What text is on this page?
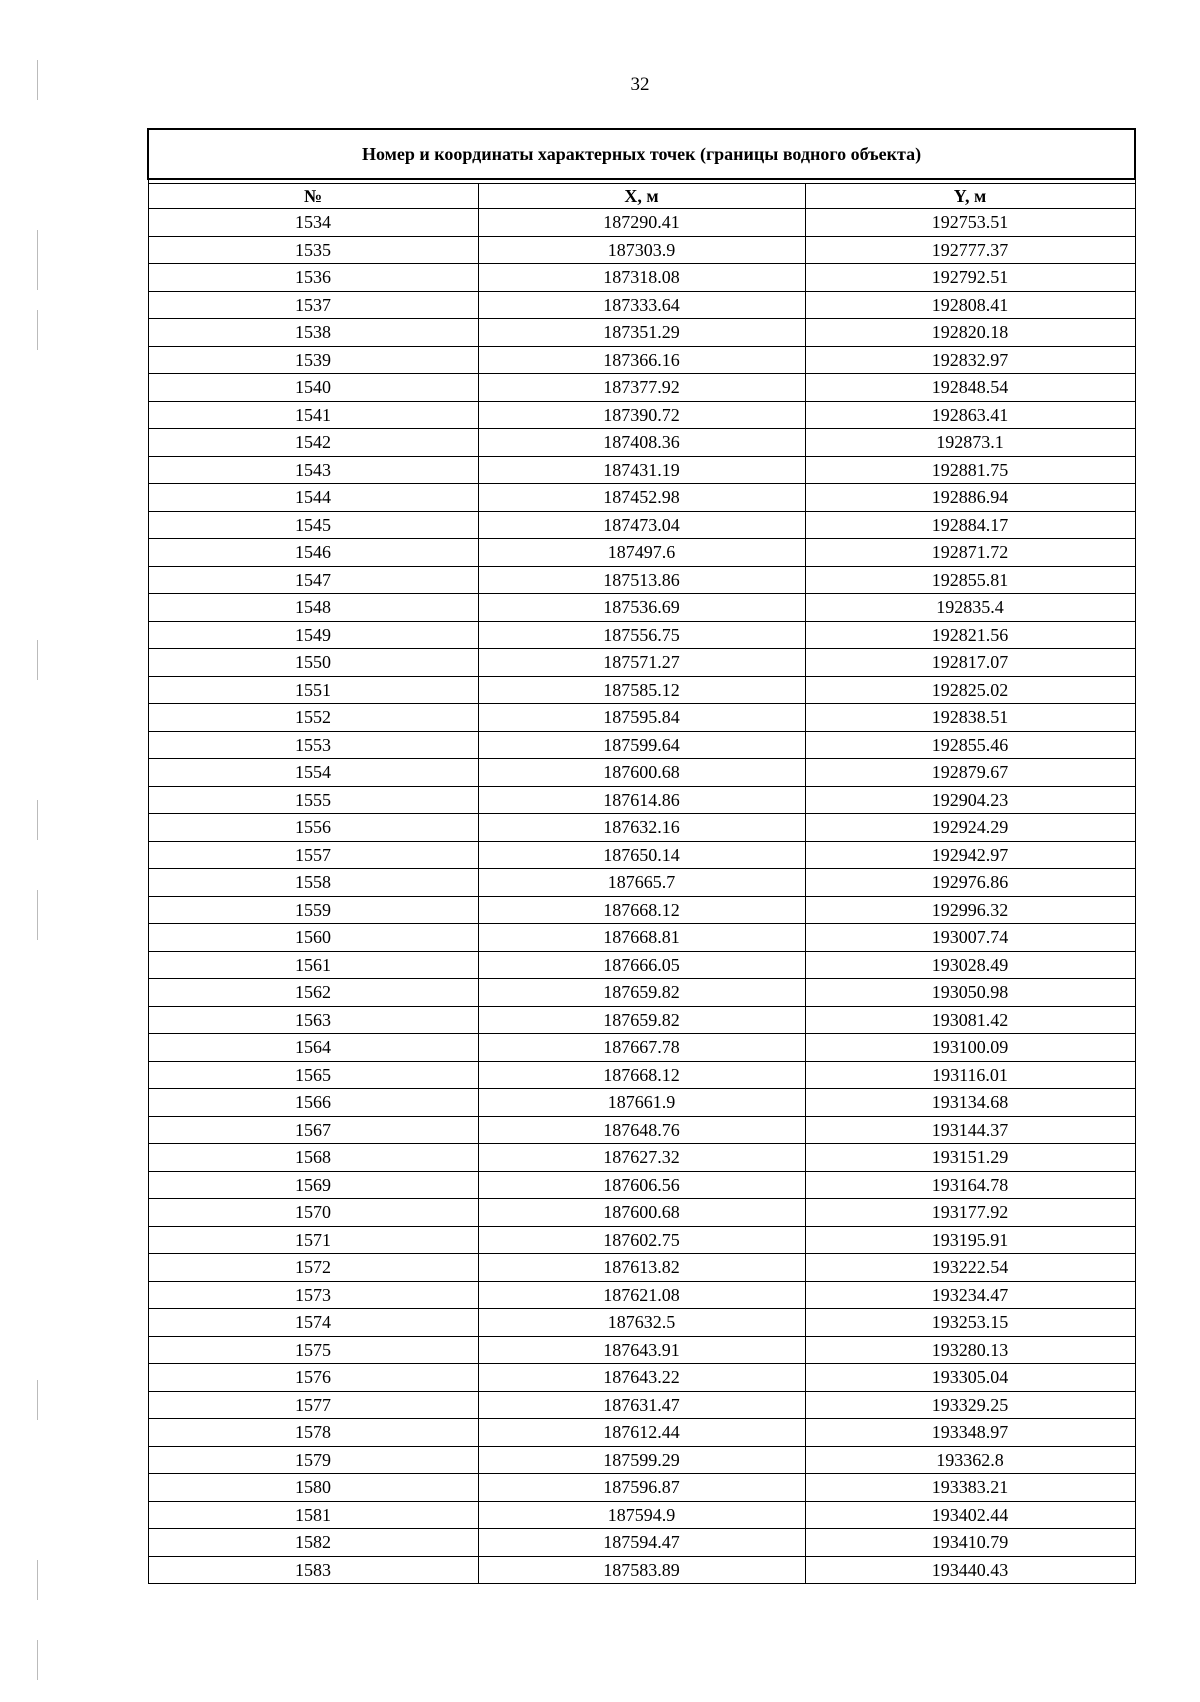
32
Номер и координаты характерных точек (границы водного объекта)		

№	X, м	Y, м
1534	187290.41	192753.51
1535	187303.9	192777.37
1536	187318.08	192792.51
1537	187333.64	192808.41
1538	187351.29	192820.18
1539	187366.16	192832.97
1540	187377.92	192848.54
1541	187390.72	192863.41
1542	187408.36	192873.1
1543	187431.19	192881.75
1544	187452.98	192886.94
1545	187473.04	192884.17
1546	187497.6	192871.72
1547	187513.86	192855.81
1548	187536.69	192835.4
1549	187556.75	192821.56
1550	187571.27	192817.07
1551	187585.12	192825.02
1552	187595.84	192838.51
1553	187599.64	192855.46
1554	187600.68	192879.67
1555	187614.86	192904.23
1556	187632.16	192924.29
1557	187650.14	192942.97
1558	187665.7	192976.86
1559	187668.12	192996.32
1560	187668.81	193007.74
1561	187666.05	193028.49
1562	187659.82	193050.98
1563	187659.82	193081.42
1564	187667.78	193100.09
1565	187668.12	193116.01
1566	187661.9	193134.68
1567	187648.76	193144.37
1568	187627.32	193151.29
1569	187606.56	193164.78
1570	187600.68	193177.92
1571	187602.75	193195.91
1572	187613.82	193222.54
1573	187621.08	193234.47
1574	187632.5	193253.15
1575	187643.91	193280.13
1576	187643.22	193305.04
1577	187631.47	193329.25
1578	187612.44	193348.97
1579	187599.29	193362.8
1580	187596.87	193383.21
1581	187594.9	193402.44
1582	187594.47	193410.79
1583	187583.89	193440.43
